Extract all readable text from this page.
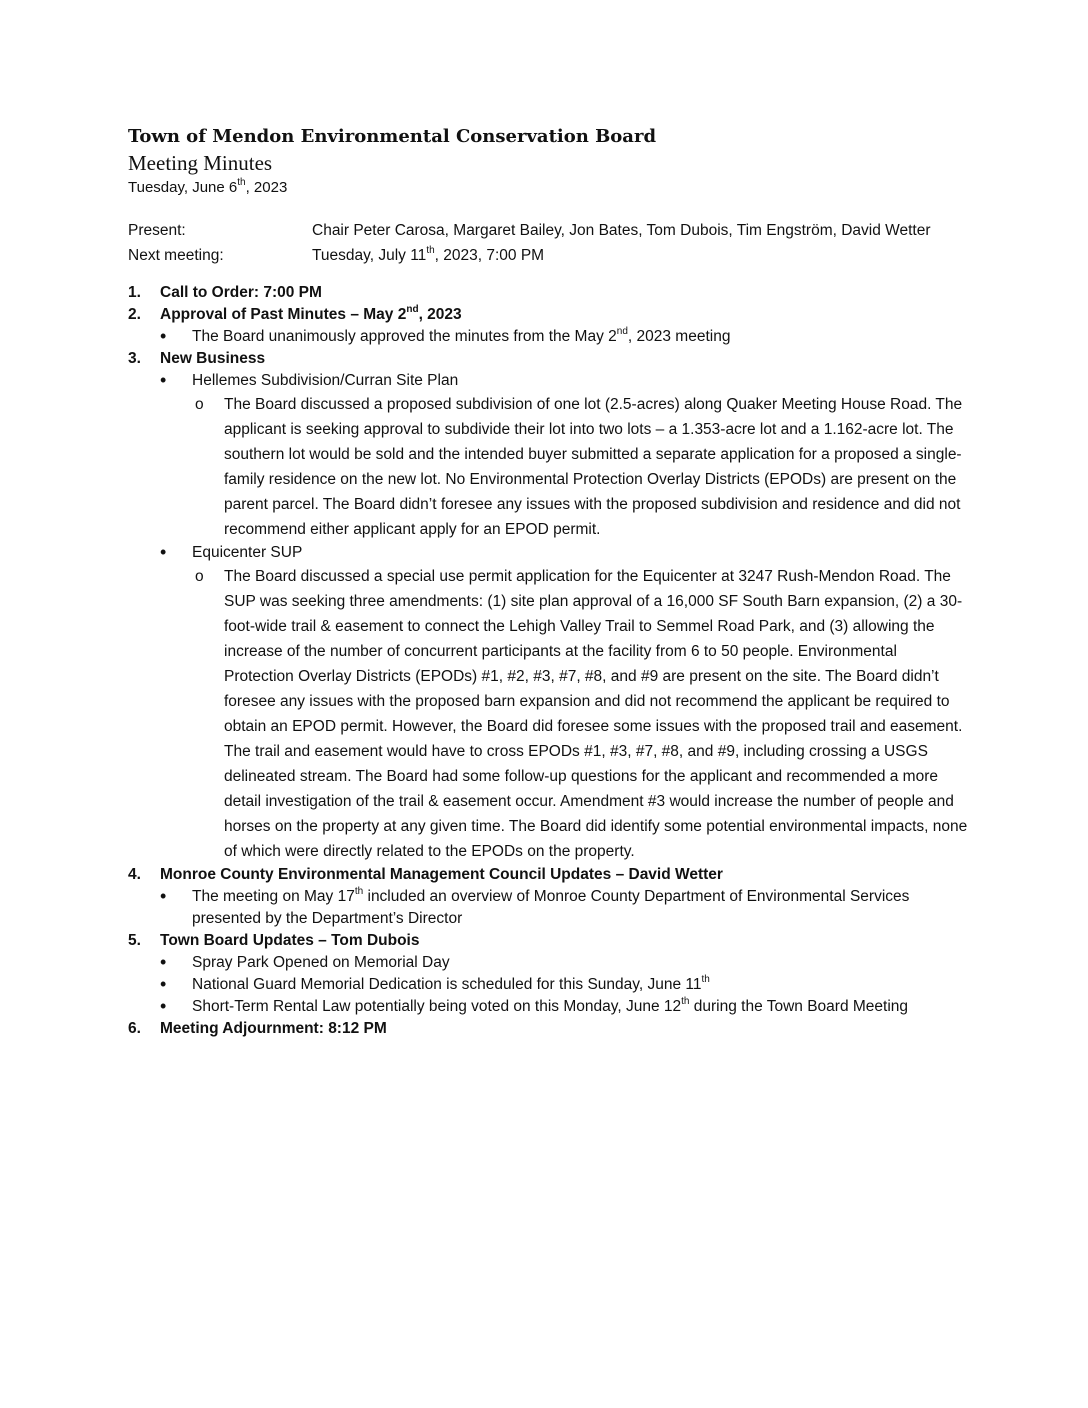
Town of Mendon Environmental Conservation Board
Meeting Minutes
Tuesday, June 6th, 2023
Present:	Chair Peter Carosa, Margaret Bailey, Jon Bates, Tom Dubois, Tim Engström, David Wetter
Next meeting:	Tuesday, July 11th, 2023, 7:00 PM
1. Call to Order: 7:00 PM
2. Approval of Past Minutes – May 2nd, 2023
The Board unanimously approved the minutes from the May 2nd, 2023 meeting
3. New Business
Hellemes Subdivision/Curran Site Plan
o The Board discussed a proposed subdivision of one lot (2.5-acres) along Quaker Meeting House Road. The applicant is seeking approval to subdivide their lot into two lots – a 1.353-acre lot and a 1.162-acre lot. The southern lot would be sold and the intended buyer submitted a separate application for a proposed a single-family residence on the new lot. No Environmental Protection Overlay Districts (EPODs) are present on the parent parcel. The Board didn’t foresee any issues with the proposed subdivision and residence and did not recommend either applicant apply for an EPOD permit.
Equicenter SUP
o The Board discussed a special use permit application for the Equicenter at 3247 Rush-Mendon Road. The SUP was seeking three amendments: (1) site plan approval of a 16,000 SF South Barn expansion, (2) a 30-foot-wide trail & easement to connect the Lehigh Valley Trail to Semmel Road Park, and (3) allowing the increase of the number of concurrent participants at the facility from 6 to 50 people. Environmental Protection Overlay Districts (EPODs) #1, #2, #3, #7, #8, and #9 are present on the site. The Board didn’t foresee any issues with the proposed barn expansion and did not recommend the applicant be required to obtain an EPOD permit. However, the Board did foresee some issues with the proposed trail and easement. The trail and easement would have to cross EPODs #1, #3, #7, #8, and #9, including crossing a USGS delineated stream. The Board had some follow-up questions for the applicant and recommended a more detail investigation of the trail & easement occur. Amendment #3 would increase the number of people and horses on the property at any given time. The Board did identify some potential environmental impacts, none of which were directly related to the EPODs on the property.
4. Monroe County Environmental Management Council Updates – David Wetter
The meeting on May 17th included an overview of Monroe County Department of Environmental Services presented by the Department’s Director
5. Town Board Updates – Tom Dubois
Spray Park Opened on Memorial Day
National Guard Memorial Dedication is scheduled for this Sunday, June 11th
Short-Term Rental Law potentially being voted on this Monday, June 12th during the Town Board Meeting
6. Meeting Adjournment: 8:12 PM
